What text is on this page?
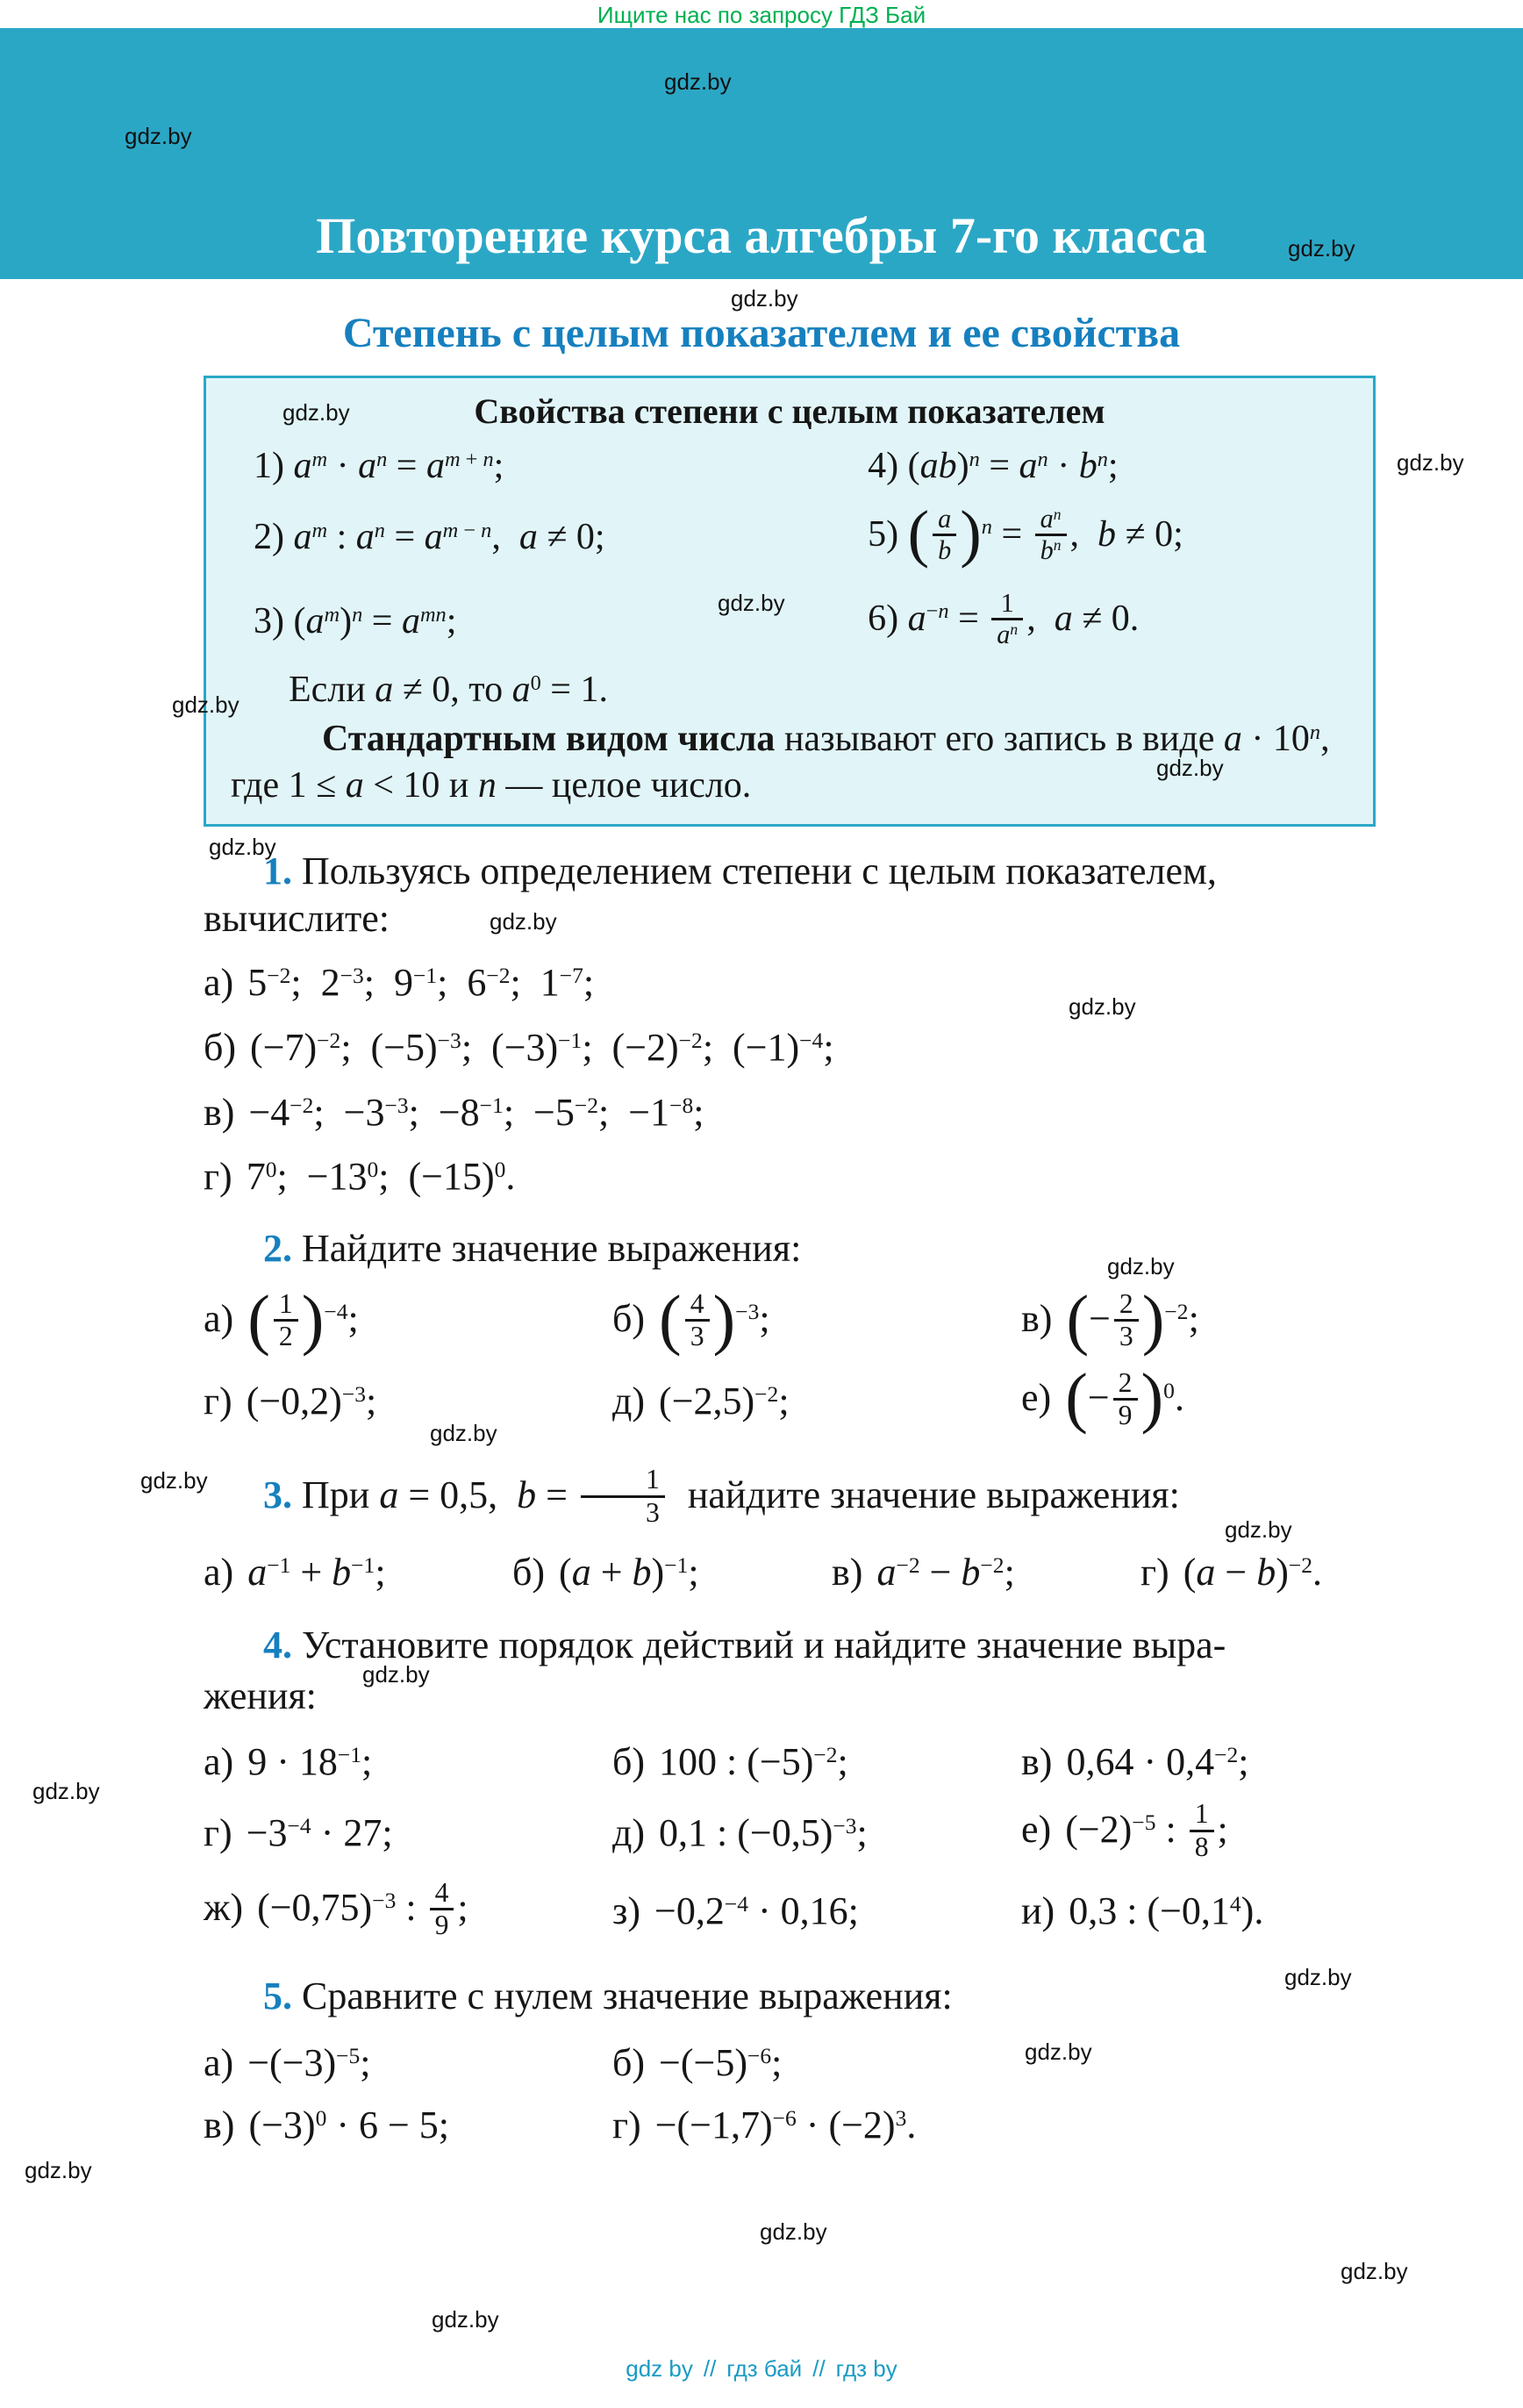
Ищите нас по запросу ГДЗ Бай
Повторение курса алгебры 7-го класса
Степень с целым показателем и ее свойства
Свойства степени с целым показателем
1) $a^m \cdot a^n = a^{m + n}$;	4) $(ab)^n = a^n \cdot b^n$;
2) $a^m$ : $a^n = a^{m - n}$,  a ≠ 0;	5) ( $\frac{a}{b} )^n = \frac{a^n}{b^n}$ ,  b ≠ 0;
3) $(a^m)^n = a^{mn}$;	6) $a^{-n} = \frac{1}{a^n}$ ,  a ≠ 0.
Если a ≠ 0, то $a^0 = 1$.

Стандартным видом числа называют его запись в виде $a \cdot 10^n$, где 1 ≤ a < 10 и n — целое число.

1. Пользуясь определением степени с целым показателем, вычислите:

а) $5^{-2}$;  $2^{-3}$;  $9^{-1}$;  $6^{-2}$;  $1^{-7}$;

б) $(-7)^{-2}$;  $(-5)^{-3}$;  $(-3)^{-1}$;  $(-2)^{-2}$;  $(-1)^{-4}$;

$в) -4^{-2}$;  $-3^{-3}$;  $-8^{-1}$;  $-5^{-2}$;  $-1^{-8}$;

г) $7^0$;  $-13^0$;  $(-15)^0$.

2. Найдите значение выражения:

а) ( $\frac{1}{2} )^{-4}$;	б) ( $\frac{4}{3} )^{-3}$;	в) (− $\frac{2}{3} )^{-2}$;
г) $(-0,2)^{-3}$;	д) $(-2,5)^{-2}$;	е) (− $\frac{2}{9} )^0$.

3. При a = 0,5,  $b = \frac{1}{3}$ найдите значение выражения:

а) $a^{-1} + b^{-1}$;	б) $(a + b)^{-1}$;	в) $a^{-2} - b^{-2}$;	г) $(a - b)^{-2}$.

4. Установите порядок действий и найдите значение выра-

жения:

а) $9 \cdot 18^{-1}$;	б) 100 : $(-5)^{-2}$;	в) $0,64 \cdot 0,4^{-2}$;
$г) -3^{-4} \cdot 27$;	д) 0,1 : $(-0,5)^{-3}$;	е) $(-2)^{-5}$ : $\frac{1}{8}$ ;
ж) $(-0,75)^{-3}$ : $\frac{4}{9}$ ;	$з) -0,2^{-4} \cdot 0,16$;	и) 0,3 : $(-0,1^4)$.

5. Сравните с нулем значение выражения:

$а) -(-3)^{-5}$;	$б) -(-5)^{-6}$;
в) $(-3)^0 \cdot 6 - 5$;	$г) -(-1,7)^{-6} \cdot (-2)^3$.
gdz by // гдз бай // гдз by
gdz.by
gdz.by
gdz.by
gdz.by
gdz.by
gdz.by
gdz.by
gdz.by
gdz.by
gdz.by
gdz.by
gdz.by
gdz.by
gdz.by
gdz.by
gdz.by
gdz.by
gdz.by
gdz.by
gdz.by
gdz.by
gdz.by
gdz.by
gdz.by
